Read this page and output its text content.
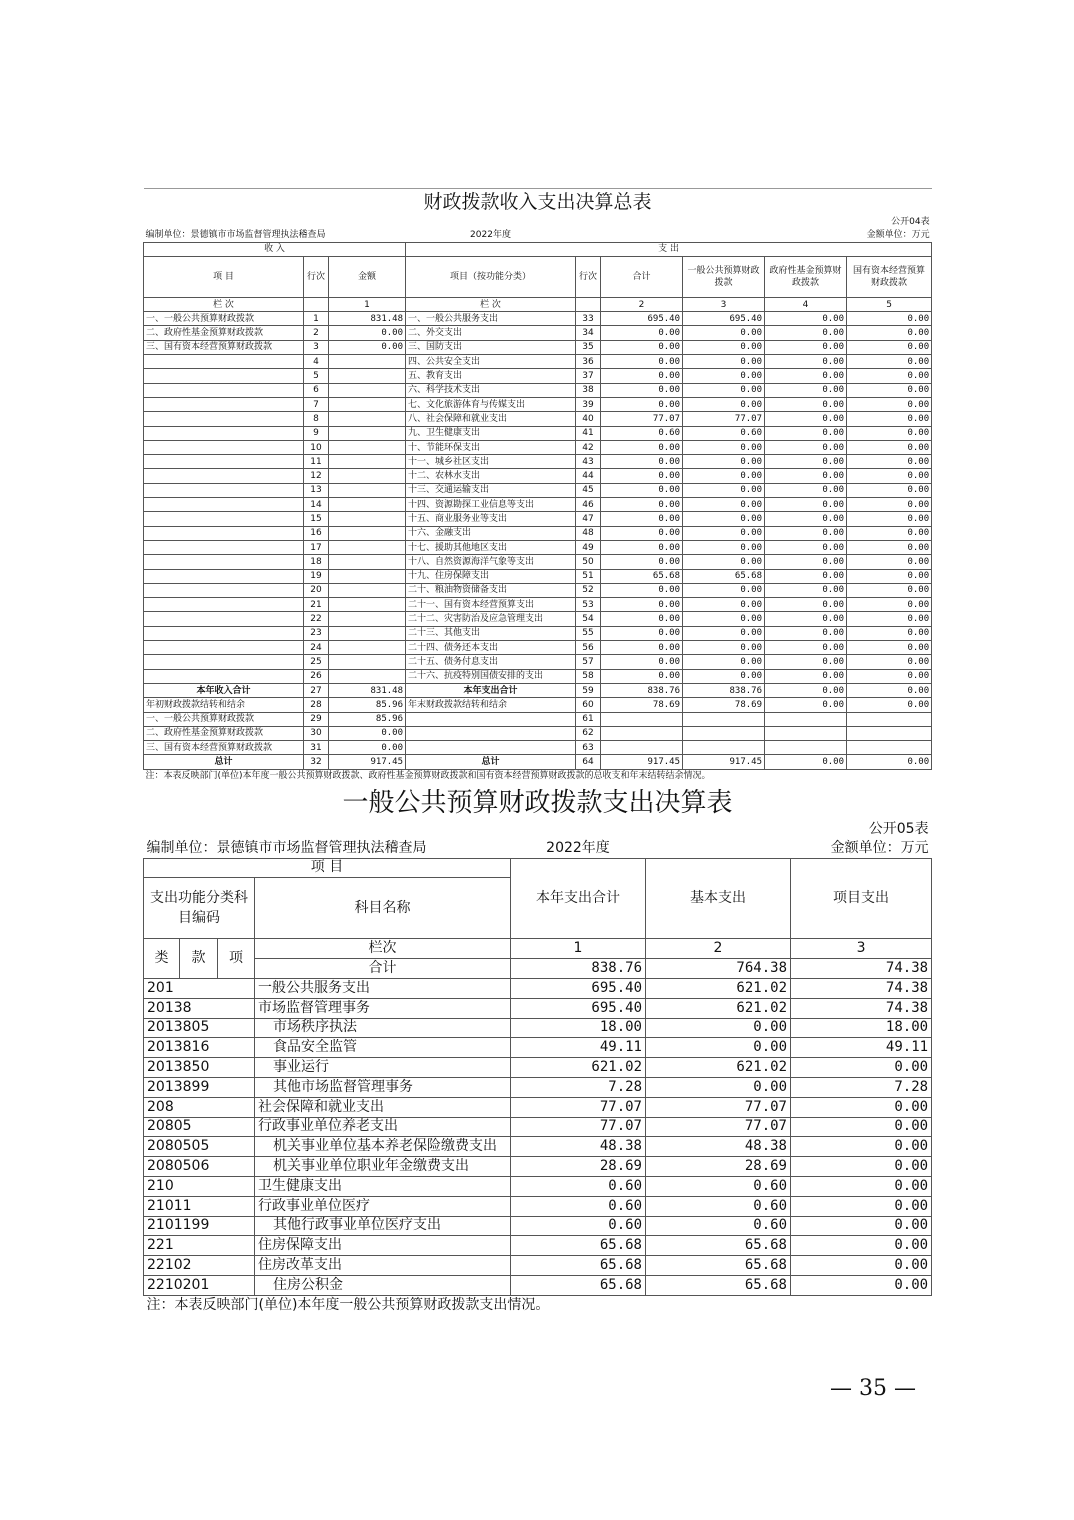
财政拨款收入支出决算总表								
								公开04表
编制单位：景德镇市市场监督管理执法稽查局			2022年度					金额单位：万元
收 入			支 出					
项 目	行次	金额	项目（按功能分类）	行次	合计	一般公共预算财政拨款	政府性基金预算财政拨款	国有资本经营预算财政拨款
栏 次		1	栏 次		2	3	4	5
一、一般公共预算财政拨款	1	831.48	一、一般公共服务支出	33	695.40	695.40	0.00	0.00
二、政府性基金预算财政拨款	2	0.00	二、外交支出	34	0.00	0.00	0.00	0.00
三、国有资本经营预算财政拨款	3	0.00	三、国防支出	35	0.00	0.00	0.00	0.00
	4		四、公共安全支出	36	0.00	0.00	0.00	0.00
	5		五、教育支出	37	0.00	0.00	0.00	0.00
	6		六、科学技术支出	38	0.00	0.00	0.00	0.00
	7		七、文化旅游体育与传媒支出	39	0.00	0.00	0.00	0.00
	8		八、社会保障和就业支出	40	77.07	77.07	0.00	0.00
	9		九、卫生健康支出	41	0.60	0.60	0.00	0.00
	10		十、节能环保支出	42	0.00	0.00	0.00	0.00
	11		十一、城乡社区支出	43	0.00	0.00	0.00	0.00
	12		十二、农林水支出	44	0.00	0.00	0.00	0.00
	13		十三、交通运输支出	45	0.00	0.00	0.00	0.00
	14		十四、资源勘探工业信息等支出	46	0.00	0.00	0.00	0.00
	15		十五、商业服务业等支出	47	0.00	0.00	0.00	0.00
	16		十六、金融支出	48	0.00	0.00	0.00	0.00
	17		十七、援助其他地区支出	49	0.00	0.00	0.00	0.00
	18		十八、自然资源海洋气象等支出	50	0.00	0.00	0.00	0.00
	19		十九、住房保障支出	51	65.68	65.68	0.00	0.00
	20		二十、粮油物资储备支出	52	0.00	0.00	0.00	0.00
	21		二十一、国有资本经营预算支出	53	0.00	0.00	0.00	0.00
	22		二十二、灾害防治及应急管理支出	54	0.00	0.00	0.00	0.00
	23		二十三、其他支出	55	0.00	0.00	0.00	0.00
	24		二十四、债务还本支出	56	0.00	0.00	0.00	0.00
	25		二十五、债务付息支出	57	0.00	0.00	0.00	0.00
	26		二十六、抗疫特别国债安排的支出	58	0.00	0.00	0.00	0.00
本年收入合计	27	831.48	本年支出合计	59	838.76	838.76	0.00	0.00
年初财政拨款结转和结余	28	85.96	年末财政拨款结转和结余	60	78.69	78.69	0.00	0.00
一、一般公共预算财政拨款	29	85.96		61				
二、政府性基金预算财政拨款	30	0.00		62				
三、国有资本经营预算财政拨款	31	0.00		63				
总计	32	917.45	总计	64	917.45	917.45	0.00	0.00
注：本表反映部门(单位)本年度一般公共预算财政拨款、政府性基金预算财政拨款和国有资本经营预算财政拨款的总收支和年末结转结余情况。								
一般公共预算财政拨款支出决算表						
						公开05表
编制单位：景德镇市市场监督管理执法稽查局				2022年度		金额单位：万元
项 目				本年支出合计	基本支出	项目支出
支出功能分类科目编码			科目名称			
类	款	项	栏次	1	2	3
			合计	838.76	764.38	74.38
201			一般公共服务支出	695.40	621.02	74.38
20138			市场监督管理事务	695.40	621.02	74.38
2013805			市场秩序执法	18.00	0.00	18.00
2013816			食品安全监管	49.11	0.00	49.11
2013850			事业运行	621.02	621.02	0.00
2013899			其他市场监督管理事务	7.28	0.00	7.28
208			社会保障和就业支出	77.07	77.07	0.00
20805			行政事业单位养老支出	77.07	77.07	0.00
2080505			机关事业单位基本养老保险缴费支出	48.38	48.38	0.00
2080506			机关事业单位职业年金缴费支出	28.69	28.69	0.00
210			卫生健康支出	0.60	0.60	0.00
21011			行政事业单位医疗	0.60	0.60	0.00
2101199			其他行政事业单位医疗支出	0.60	0.60	0.00
221			住房保障支出	65.68	65.68	0.00
22102			住房改革支出	65.68	65.68	0.00
2210201			住房公积金	65.68	65.68	0.00
注：本表反映部门(单位)本年度一般公共预算财政拨款支出情况。						
— 35 —
